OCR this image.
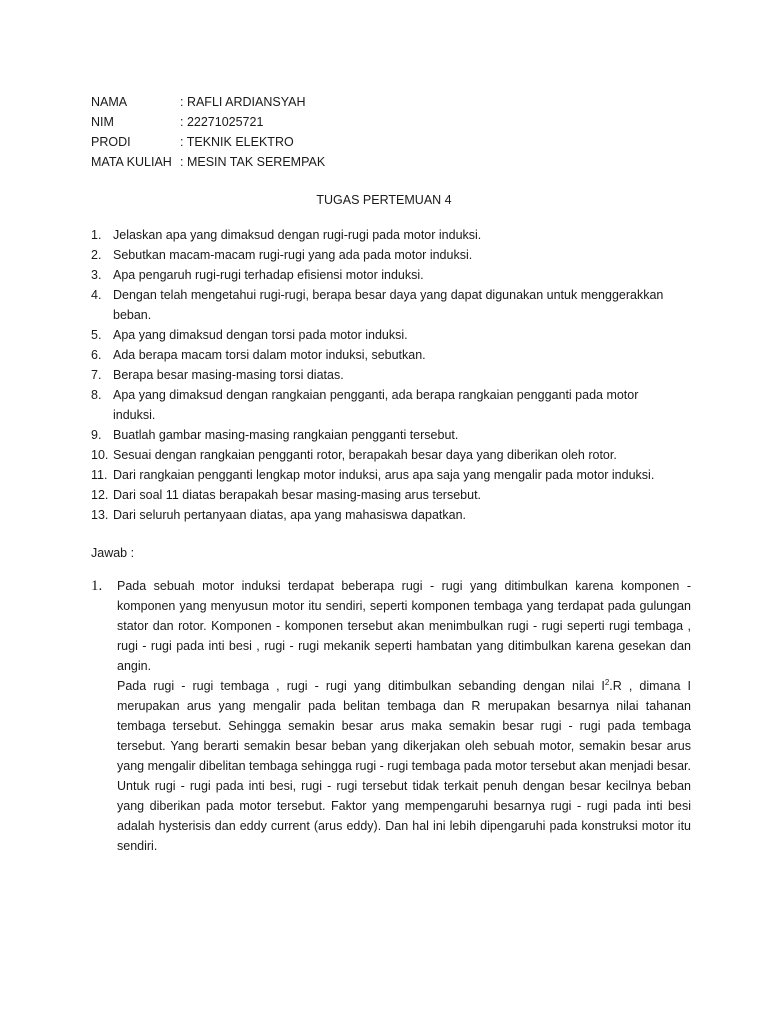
NAMA	: RAFLI ARDIANSYAH
NIM	: 22271025721
PRODI	: TEKNIK ELEKTRO
MATA KULIAH : MESIN TAK SEREMPAK
TUGAS PERTEMUAN 4
1. Jelaskan apa yang dimaksud dengan rugi-rugi pada motor induksi.
2. Sebutkan macam-macam rugi-rugi yang ada pada motor induksi.
3. Apa pengaruh rugi-rugi terhadap efisiensi motor induksi.
4. Dengan telah mengetahui rugi-rugi, berapa besar daya yang dapat digunakan untuk menggerakkan beban.
5. Apa yang dimaksud dengan torsi pada motor induksi.
6. Ada berapa macam torsi dalam motor induksi, sebutkan.
7. Berapa besar masing-masing torsi diatas.
8. Apa yang dimaksud dengan rangkaian pengganti, ada berapa rangkaian pengganti pada motor induksi.
9. Buatlah gambar masing-masing rangkaian pengganti tersebut.
10. Sesuai dengan rangkaian pengganti rotor, berapakah besar daya yang diberikan oleh rotor.
11. Dari rangkaian pengganti lengkap motor induksi, arus apa saja yang mengalir pada motor induksi.
12. Dari soal 11 diatas berapakah besar masing-masing arus tersebut.
13. Dari seluruh pertanyaan diatas, apa yang mahasiswa dapatkan.
Jawab :
1.	Pada sebuah motor induksi terdapat beberapa rugi - rugi yang ditimbulkan karena komponen - komponen yang menyusun motor itu sendiri, seperti komponen tembaga yang terdapat pada gulungan stator dan rotor. Komponen - komponen tersebut akan menimbulkan rugi - rugi seperti rugi tembaga , rugi - rugi pada inti besi , rugi - rugi mekanik seperti hambatan yang ditimbulkan karena gesekan dan angin.

Pada rugi - rugi tembaga , rugi - rugi yang ditimbulkan sebanding dengan nilai $I^2.R$ , dimana I merupakan arus yang mengalir pada belitan tembaga dan R merupakan besarnya nilai tahanan tembaga tersebut. Sehingga semakin besar arus maka semakin besar rugi - rugi pada tembaga tersebut. Yang berarti semakin besar beban yang dikerjakan oleh sebuah motor, semakin besar arus yang mengalir dibelitan tembaga sehingga rugi - rugi tembaga pada motor tersebut akan menjadi besar.

Untuk rugi - rugi pada inti besi, rugi - rugi tersebut tidak terkait penuh dengan besar kecilnya beban yang diberikan pada motor tersebut. Faktor yang mempengaruhi besarnya rugi - rugi pada inti besi adalah hysterisis dan eddy current (arus eddy). Dan hal ini lebih dipengaruhi pada konstruksi motor itu sendiri.
